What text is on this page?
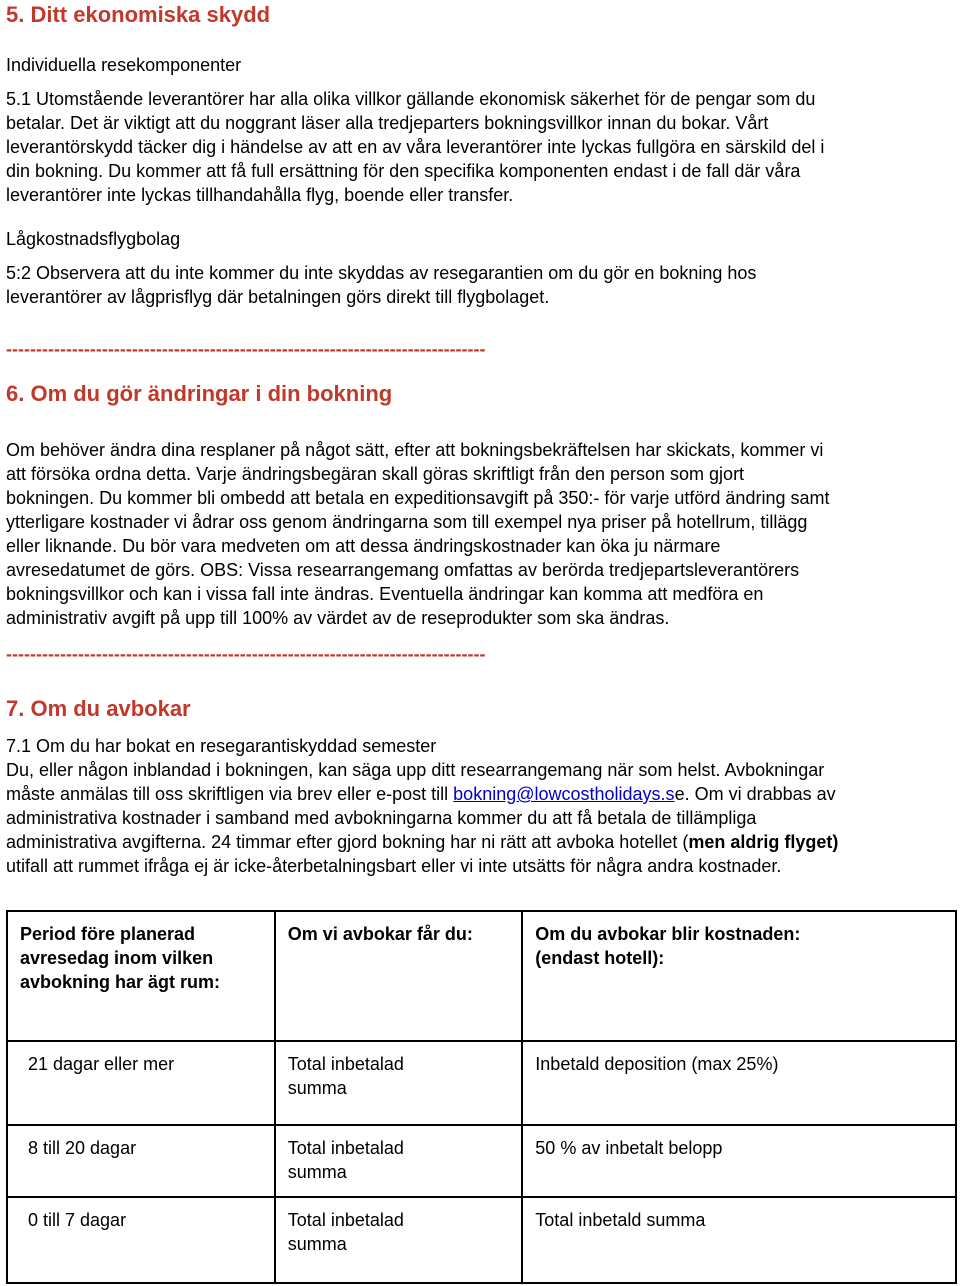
5. Ditt ekonomiska skydd
Individuella resekomponenter
5.1 Utomstående leverantörer har alla olika villkor gällande ekonomisk säkerhet för de pengar som du
betalar. Det är viktigt att du noggrant läser alla tredjeparters bokningsvillkor innan du bokar. Vårt
leverantörskydd täcker dig i händelse av att en av våra leverantörer inte lyckas fullgöra en särskild del i
din bokning. Du kommer att få full ersättning för den specifika komponenten endast i de fall där våra
leverantörer inte lyckas tillhandahålla flyg, boende eller transfer.
Lågkostnadsflygbolag
5:2 Observera att du inte kommer du inte skyddas av resegarantien om du gör en bokning hos
leverantörer av lågprisflyg där betalningen görs direkt till flygbolaget.
--------------------------------------------------------------------------------
6. Om du gör ändringar i din bokning
Om behöver ändra dina resplaner på något sätt, efter att bokningsbekräftelsen har skickats, kommer vi
att försöka ordna detta. Varje ändringsbegäran skall göras skriftligt från den person som gjort
bokningen. Du kommer bli ombedd att betala en expeditionsavgift på 350:- för varje utförd ändring samt
ytterligare kostnader vi ådrar oss genom ändringarna som till exempel nya priser på hotellrum, tillägg
eller liknande. Du bör vara medveten om att dessa ändringskostnader kan öka ju närmare
avresedatumet de görs. OBS: Vissa researrangemang omfattas av berörda tredjepartsleverantörers
bokningsvillkor och kan i vissa fall inte ändras. Eventuella ändringar kan komma att medföra en
administrativ avgift på upp till 100% av värdet av de reseprodukter som ska ändras.
--------------------------------------------------------------------------------
7. Om du avbokar
7.1 Om du har bokat en resegarantiskyddad semester
Du, eller någon inblandad i bokningen, kan säga upp ditt researrangemang när som helst. Avbokningar
måste anmälas till oss skriftligen via brev eller e-post till bokning@lowcostholidays.se. Om vi drabbas av
administrativa kostnader i samband med avbokningarna kommer du att få betala de tillämpliga
administrativa avgifterna. 24 timmar efter gjord bokning har ni rätt att avboka hotellet (men aldrig flyget)
utifall att rummet ifråga ej är icke-återbetalningsbart eller vi inte utsätts för några andra kostnader.
Period före planerad avresedag inom vilken avbokning har ägt rum:	Om vi avbokar får du:	Om du avbokar blir kostnaden: (endast hotell):

21 dagar eller mer	Total inbetalad summa	Inbetald deposition (max 25%)

8 till 20 dagar	Total inbetalad summa	50 % av inbetalt belopp

0 till 7 dagar	Total inbetalad summa	Total inbetald summa
